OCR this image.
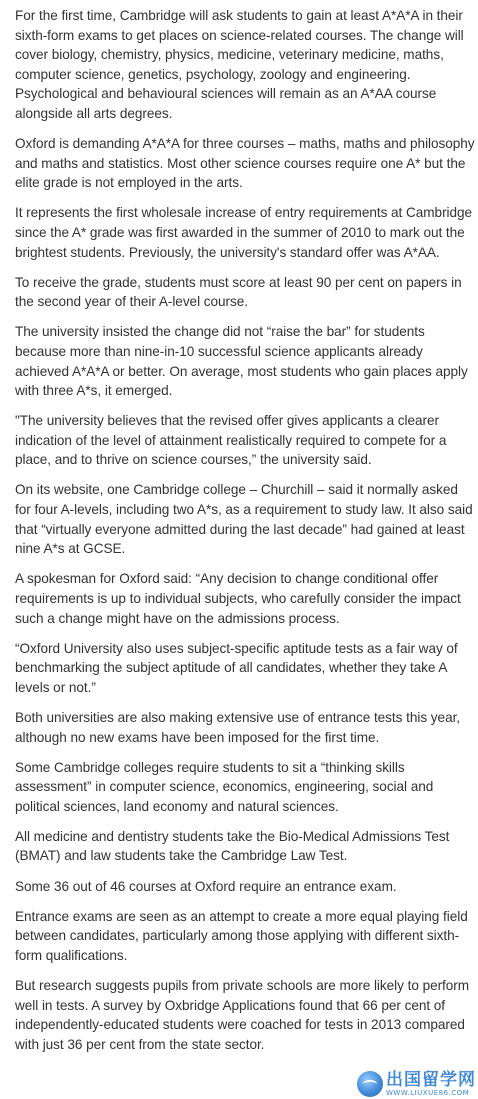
For the first time, Cambridge will ask students to gain at least A*A*A in their sixth-form exams to get places on science-related courses. The change will cover biology, chemistry, physics, medicine, veterinary medicine, maths, computer science, genetics, psychology, zoology and engineering. Psychological and behavioural sciences will remain as an A*AA course alongside all arts degrees.

Oxford is demanding A*A*A for three courses – maths, maths and philosophy and maths and statistics. Most other science courses require one A* but the elite grade is not employed in the arts.

It represents the first wholesale increase of entry requirements at Cambridge since the A* grade was first awarded in the summer of 2010 to mark out the brightest students. Previously, the university's standard offer was A*AA.

To receive the grade, students must score at least 90 per cent on papers in the second year of their A-level course.

The university insisted the change did not “raise the bar” for students because more than nine-in-10 successful science applicants already achieved A*A*A or better. On average, most students who gain places apply with three A*s, it emerged.

"The university believes that the revised offer gives applicants a clearer indication of the level of attainment realistically required to compete for a place, and to thrive on science courses,” the university said.

On its website, one Cambridge college – Churchill – said it normally asked for four A-levels, including two A*s, as a requirement to study law. It also said that “virtually everyone admitted during the last decade” had gained at least nine A*s at GCSE.

A spokesman for Oxford said: “Any decision to change conditional offer requirements is up to individual subjects, who carefully consider the impact such a change might have on the admissions process.

“Oxford University also uses subject-specific aptitude tests as a fair way of benchmarking the subject aptitude of all candidates, whether they take A levels or not.”

Both universities are also making extensive use of entrance tests this year, although no new exams have been imposed for the first time.

Some Cambridge colleges require students to sit a “thinking skills assessment” in computer science, economics, engineering, social and political sciences, land economy and natural sciences.

All medicine and dentistry students take the Bio-Medical Admissions Test (BMAT) and law students take the Cambridge Law Test.

Some 36 out of 46 courses at Oxford require an entrance exam.

Entrance exams are seen as an attempt to create a more equal playing field between candidates, particularly among those applying with different sixth-form qualifications.

But research suggests pupils from private schools are more likely to perform well in tests. A survey by Oxbridge Applications found that 66 per cent of independently-educated students were coached for tests in 2013 compared with just 36 per cent from the state sector.

出国留学网
WWW.LIUXUE86.COM
